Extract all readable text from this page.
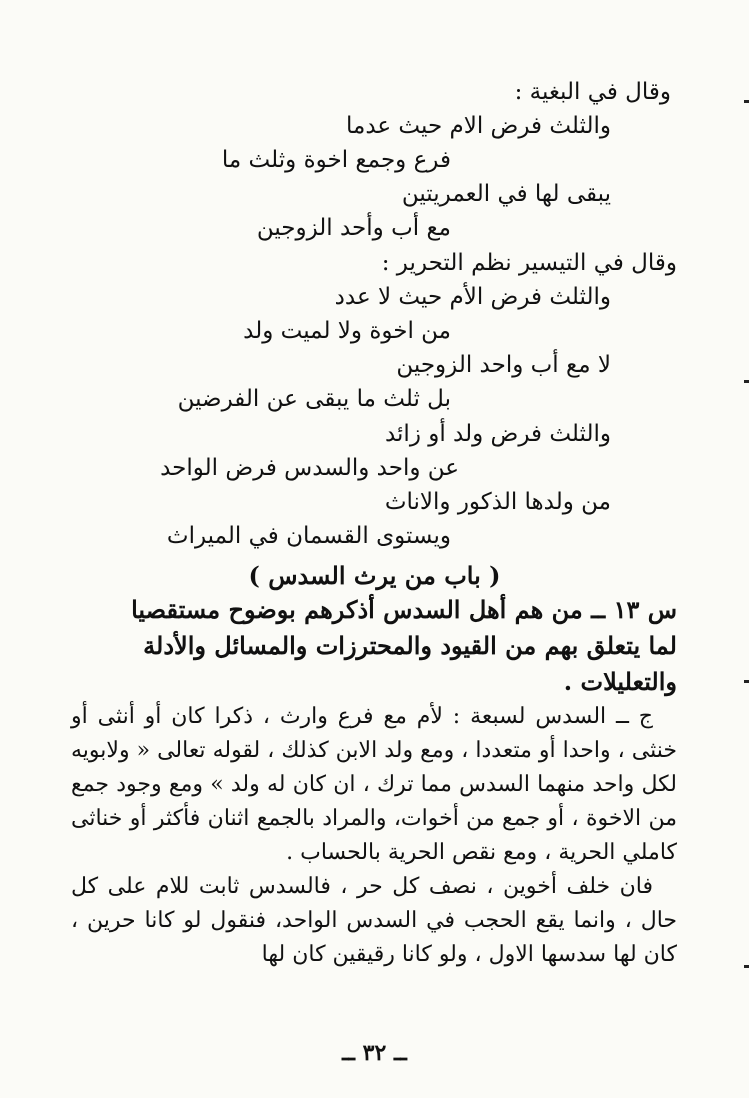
وقال في البغية :
والثلث فرض الام حيث عدما
فرع وجمع اخوة وثلث ما
يبقى لها في العمريتين
مع أب وأحد الزوجين
وقال في التيسير نظم التحرير :
والثلث فرض الأم حيث لا عدد
من اخوة ولا لميت ولد
لا مع أب واحد الزوجين
بل ثلث ما يبقى عن الفرضين
والثلث فرض ولد أو زائد
عن واحد والسدس فرض الواحد
من ولدها الذكور والاناث
ويستوى القسمان في الميراث
( باب من يرث السدس )
س ١٣ ــ من هم أهل السدس أذكرهم بوضوح مستقصيا
لما يتعلق بهم من القيود والمحترزات والمسائل والأدلة
والتعليلات .

ج ــ السدس لسبعة : لأم مع فرع وارث ، ذكرا كان أو أنثى أو خنثى ، واحدا أو متعددا ، ومع ولد الابن كذلك ، لقوله تعالى « ولابويه لكل واحد منهما السدس مما ترك ، ان كان له ولد » ومع وجود جمع من الاخوة ، أو جمع من أخوات، والمراد بالجمع اثنان فأكثر أو خناثى كاملي الحرية ، ومع نقص الحرية بالحساب .

فان خلف أخوين ، نصف كل حر ، فالسدس ثابت للام على كل حال ، وانما يقع الحجب في السدس الواحد، فنقول لو كانا حرين ، كان لها سدسها الاول ، ولو كانا رقيقين كان لها

ــ ٣٢ ــ
